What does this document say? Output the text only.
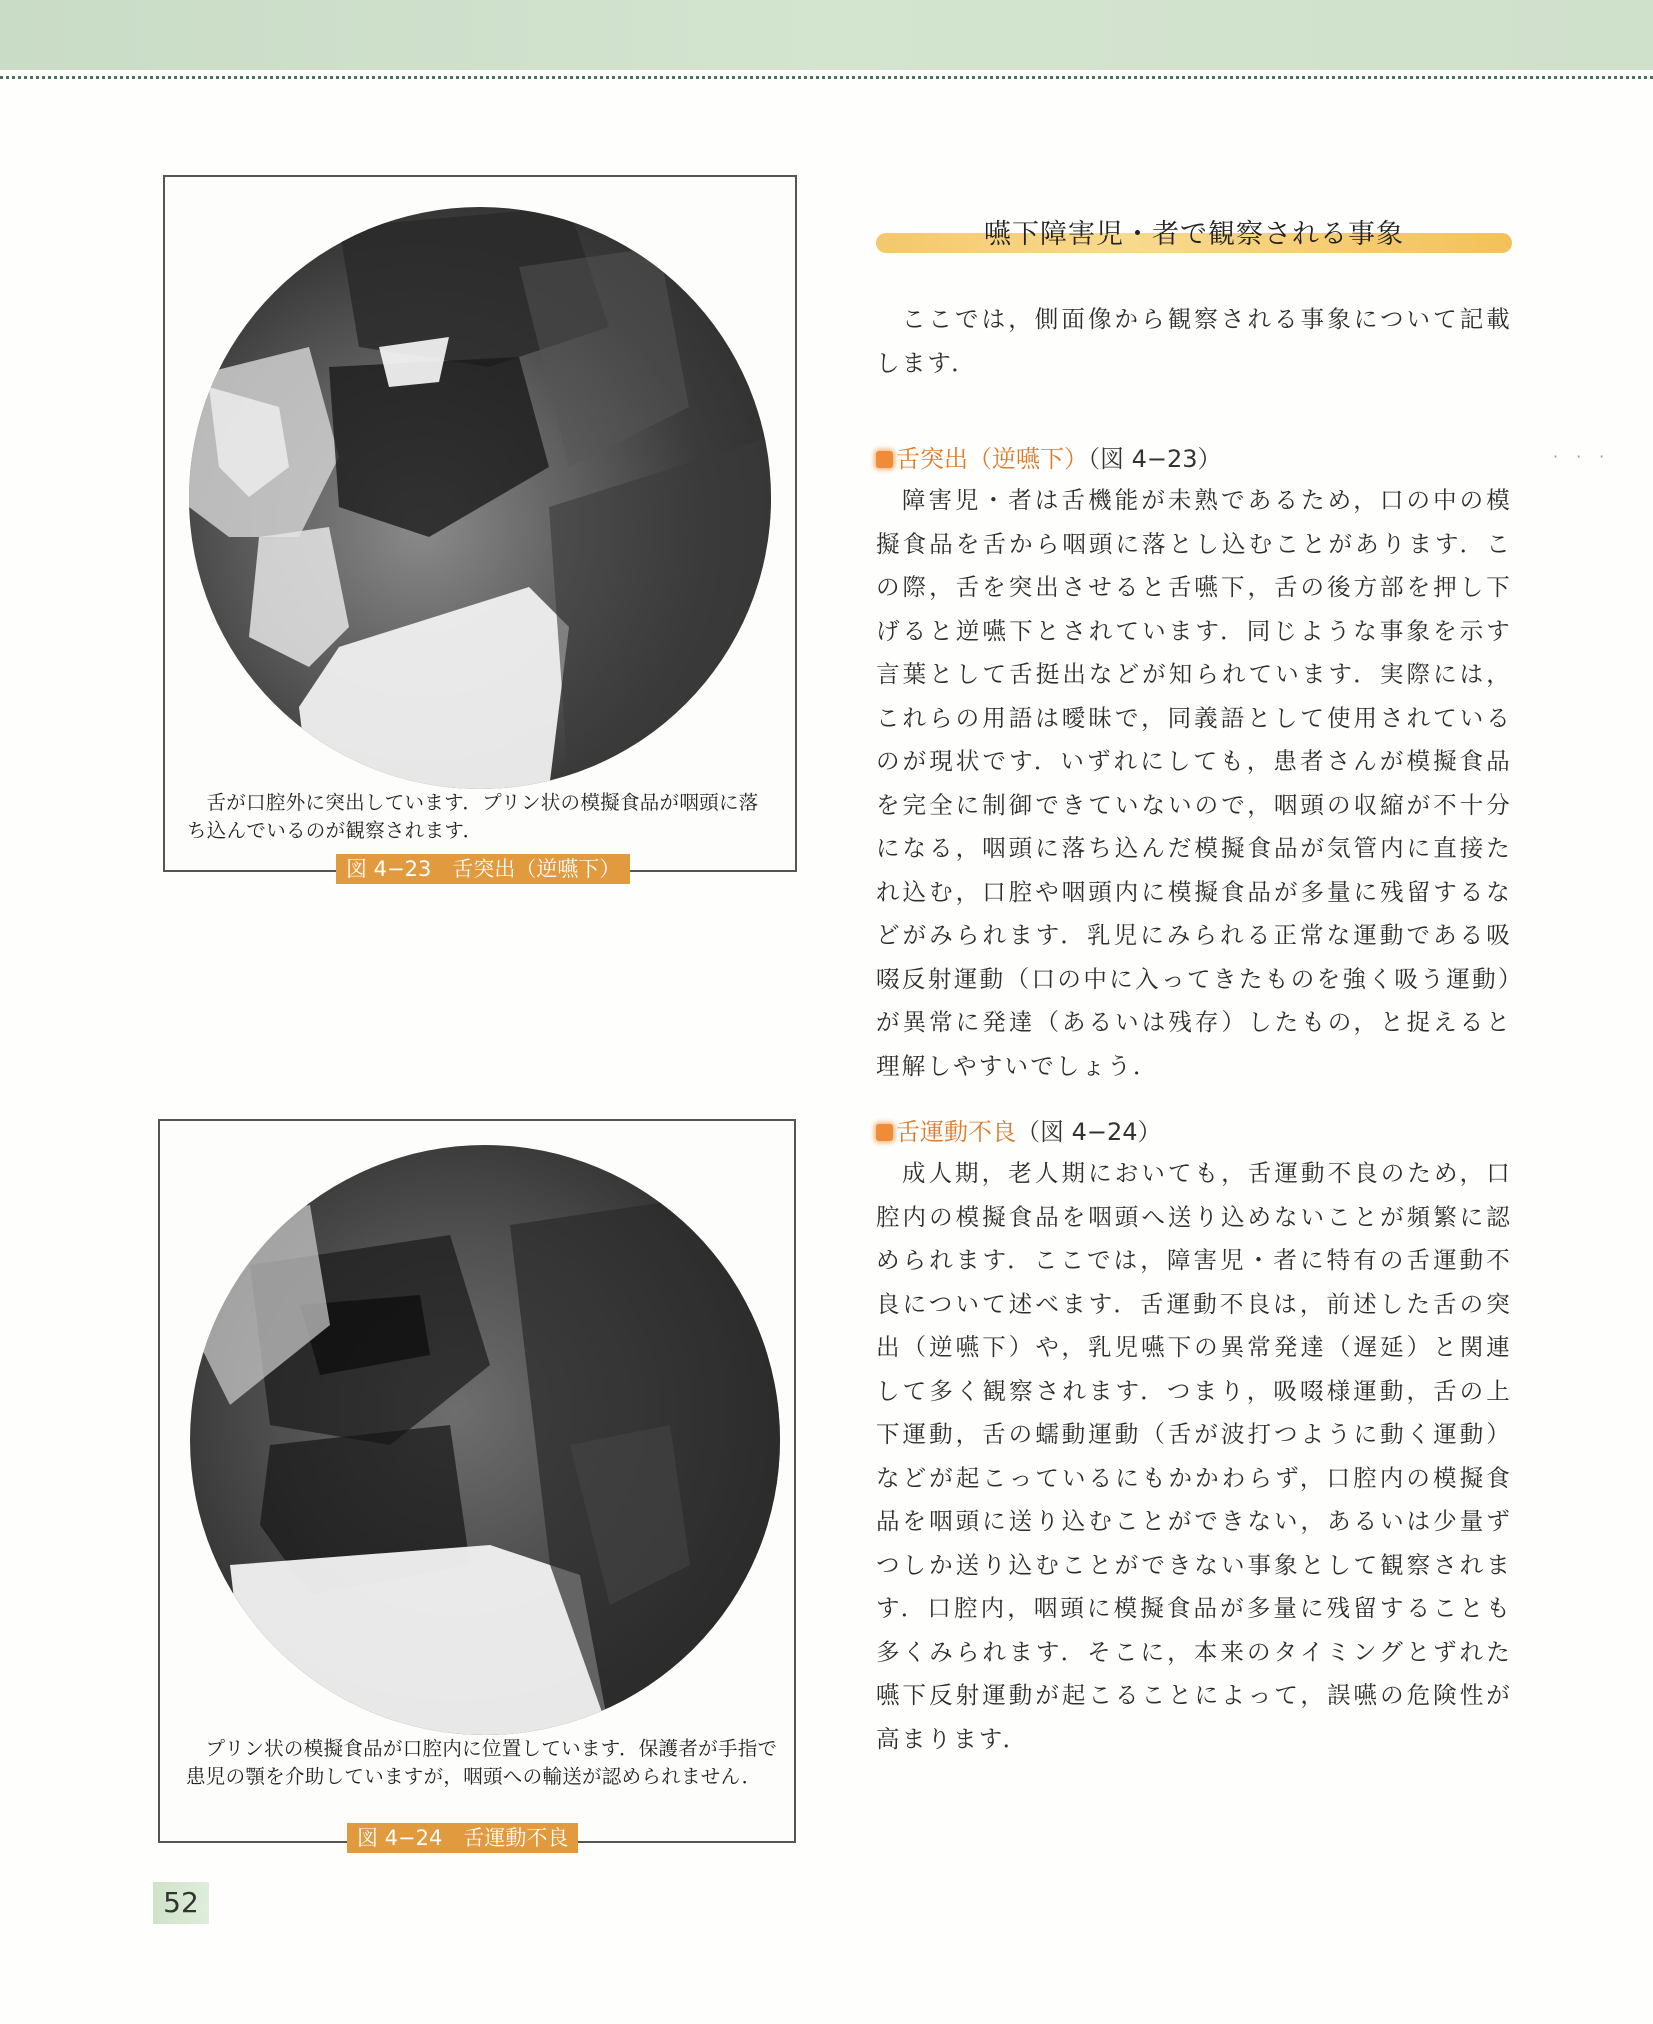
舌が口腔外に突出しています．プリン状の模擬食品が咽頭に落ち込んでいるのが観察されます．
図 4−23　舌突出（逆嚥下）
プリン状の模擬食品が口腔内に位置しています．保護者が手指で患児の顎を介助していますが，咽頭への輸送が認められません．
図 4−24　舌運動不良
嚥下障害児・者で観察される事象
ここでは，側面像から観察される事象について記載します．
···
舌突出（逆嚥下）（図 4−23）
障害児・者は舌機能が未熟であるため，口の中の模擬食品を舌から咽頭に落とし込むことがあります．この際，舌を突出させると舌嚥下，舌の後方部を押し下げると逆嚥下とされています．同じような事象を示す言葉として舌挺出などが知られています．実際には，これらの用語は曖昧で，同義語として使用されているのが現状です．いずれにしても，患者さんが模擬食品を完全に制御できていないので，咽頭の収縮が不十分になる，咽頭に落ち込んだ模擬食品が気管内に直接たれ込む，口腔や咽頭内に模擬食品が多量に残留するなどがみられます．乳児にみられる正常な運動である吸啜反射運動（口の中に入ってきたものを強く吸う運動）が異常に発達（あるいは残存）したもの，と捉えると理解しやすいでしょう．
舌運動不良（図 4−24）
成人期，老人期においても，舌運動不良のため，口腔内の模擬食品を咽頭へ送り込めないことが頻繁に認められます．ここでは，障害児・者に特有の舌運動不良について述べます．舌運動不良は，前述した舌の突出（逆嚥下）や，乳児嚥下の異常発達（遅延）と関連して多く観察されます．つまり，吸啜様運動，舌の上下運動，舌の蠕動運動（舌が波打つように動く運動）などが起こっているにもかかわらず，口腔内の模擬食品を咽頭に送り込むことができない，あるいは少量ずつしか送り込むことができない事象として観察されます．口腔内，咽頭に模擬食品が多量に残留することも多くみられます．そこに，本来のタイミングとずれた嚥下反射運動が起こることによって，誤嚥の危険性が高まります．
52
